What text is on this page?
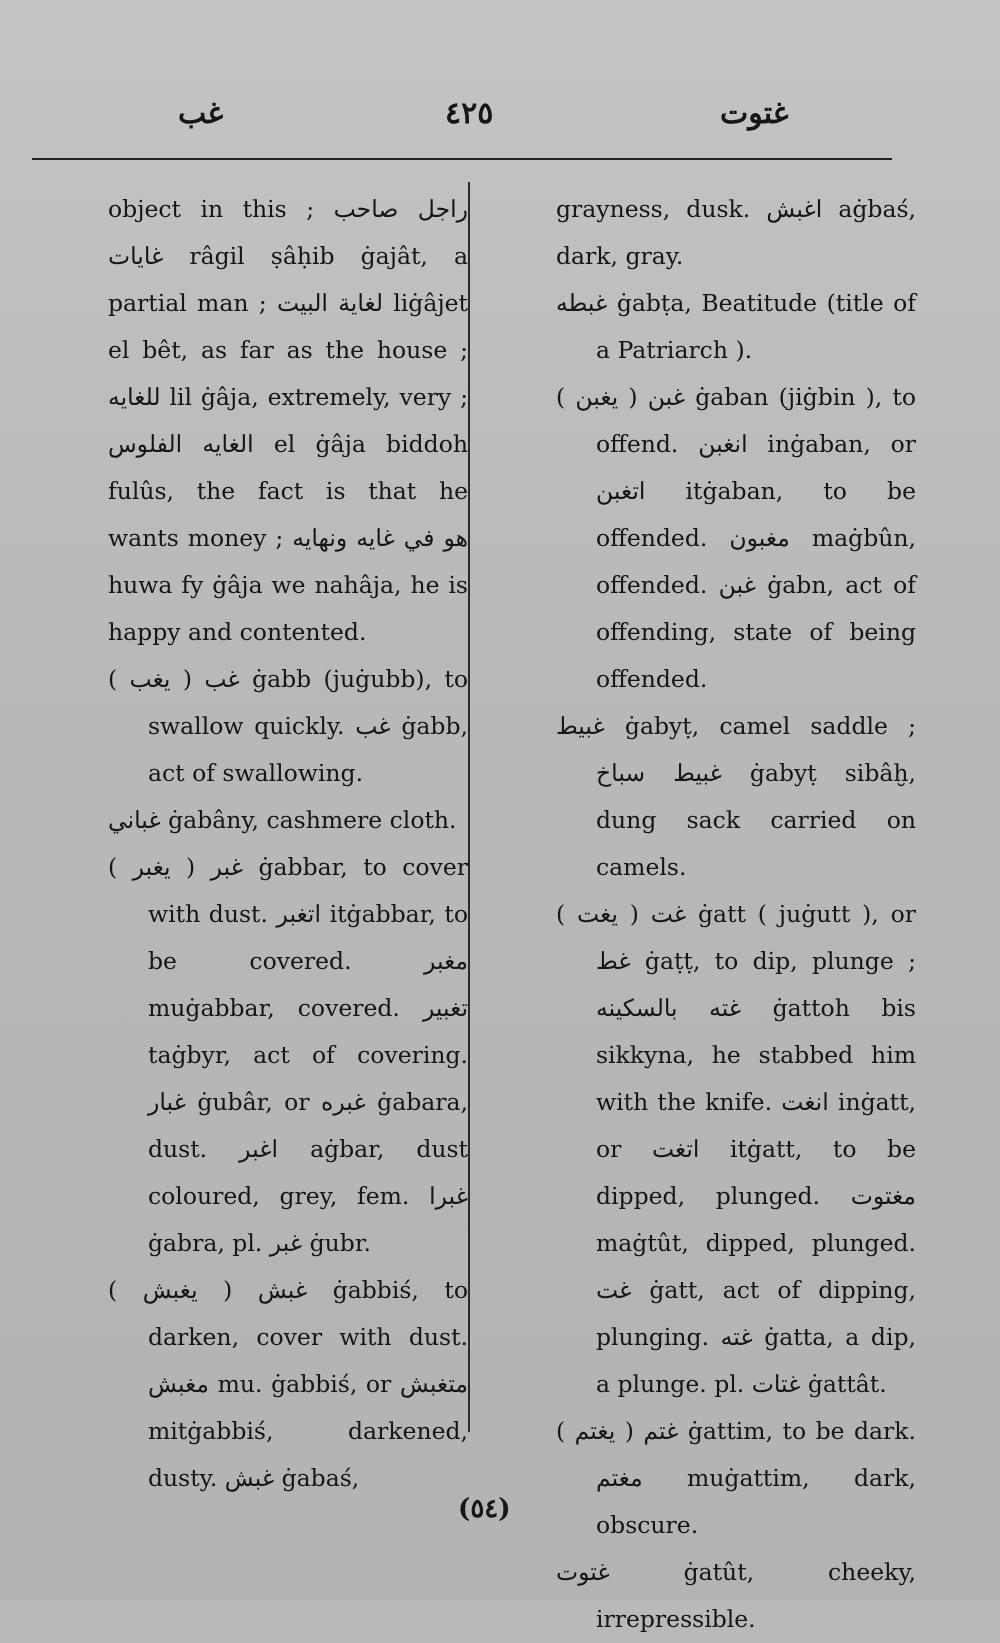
غتوت
٤٢٥
غب

object in this ; راجل صاحب غايات râgil ṣâḥib ġajât, a partial man ; لغاية البيت liġâjet el bêt, as far as the house ; للغايه lil ġâja, extremely, very ; الغايه الفلوس el ġâja biddoh fulûs, the fact is that he wants money ; هو في غايه ونهايه huwa fy ġâja we nahâja, he is happy and contented.

غب ( يغب ) ġabb (juġubb), to swallow quickly. غب ġabb, act of swallowing.

غباني ġabâny, cashmere cloth.

غبر ( يغبر ) ġabbar, to cover with dust. اتغبر itġabbar, to be covered. مغبر muġabbar, covered. تغبير taġbyr, act of covering. غبار ġubâr, or غبره ġabara, dust. اغبر aġbar, dust coloured, grey, fem. غبرا ġabra, pl. غبر ġubr.

غبش ( يغبش ) ġabbiś, to darken, cover with dust. مغبش mu. ġabbiś, or متغبش mitġabbiś, darkened, dusty. غبش ġabaś,

grayness, dusk. اغبش aġbaś, dark, gray.

غبطه ġabṭa, Beatitude (title of a Patriarch ).

غبن ( يغبن ) ġaban (jiġbin ), to offend. انغبن inġaban, or اتغبن itġaban, to be offended. مغبون maġbûn, offended. غبن ġabn, act of offending, state of being offended.

غبيط ġabyṭ, camel saddle ; غبيط سباخ ġabyṭ sibâḫ, dung sack carried on camels.

غت ( يغت ) ġatt ( juġutt ), or غط ġaṭṭ, to dip, plunge ; غته بالسكينه ġattoh bis sikkyna, he stabbed him with the knife. انغت inġatt, or اتغت itġatt, to be dipped, plunged. مغتوت maġtût, dipped, plunged. غت ġatt, act of dipping, plunging. غته ġatta, a dip, a plunge. pl. غتات ġattât.

غتم ( يغتم ) ġattim, to be dark. مغتم muġattim, dark, obscure.

غتوت ġatût, cheeky, irrepressible.

(٥٤)
